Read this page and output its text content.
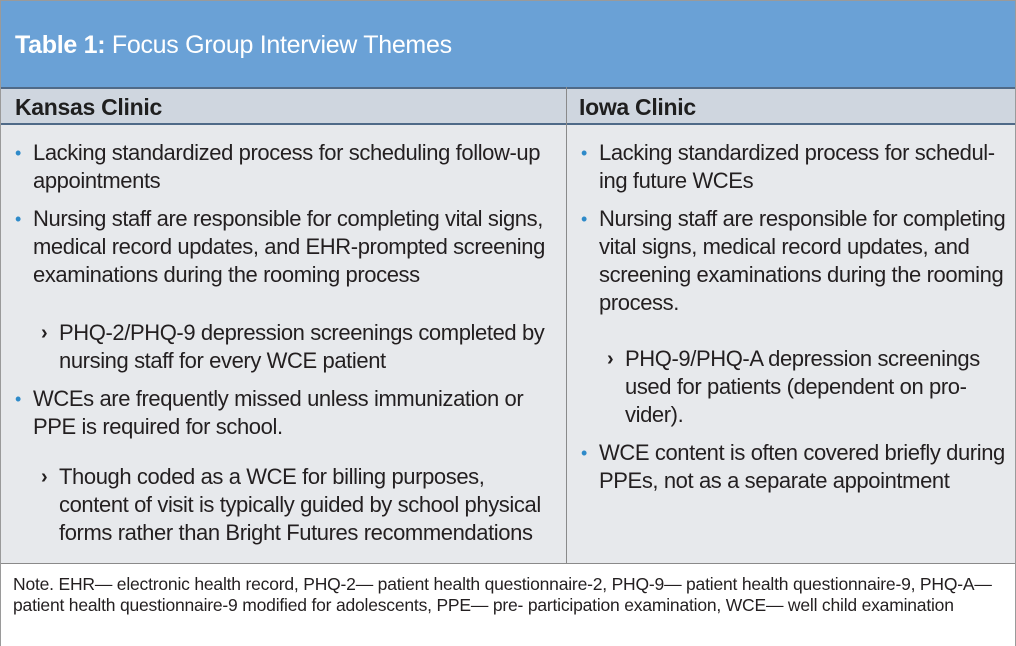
Table 1: Focus Group Interview Themes
Kansas Clinic	Iowa Clinic
• Lacking standardized process for scheduling follow-up appointments
• Nursing staff are responsible for completing vital signs, medical record updates, and EHR-prompted screening examinations during the rooming process
› PHQ-2/PHQ-9 depression screenings completed by nursing staff for every WCE patient
• WCEs are frequently missed unless immunization or PPE is required for school.
› Though coded as a WCE for billing purposes, content of visit is typically guided by school physical forms rather than Bright Futures recommendations
• Lacking standardized process for schedul-ing future WCEs
• Nursing staff are responsible for completing vital signs, medical record updates, and screening examinations during the rooming process.
› PHQ-9/PHQ-A depression screenings used for patients (dependent on pro-vider).
• WCE content is often covered briefly during PPEs, not as a separate appointment
Note. EHR— electronic health record, PHQ-2— patient health questionnaire-2, PHQ-9— patient health questionnaire-9, PHQ-A— patient health questionnaire-9 modified for adolescents, PPE— pre- participation examination, WCE— well child examination
